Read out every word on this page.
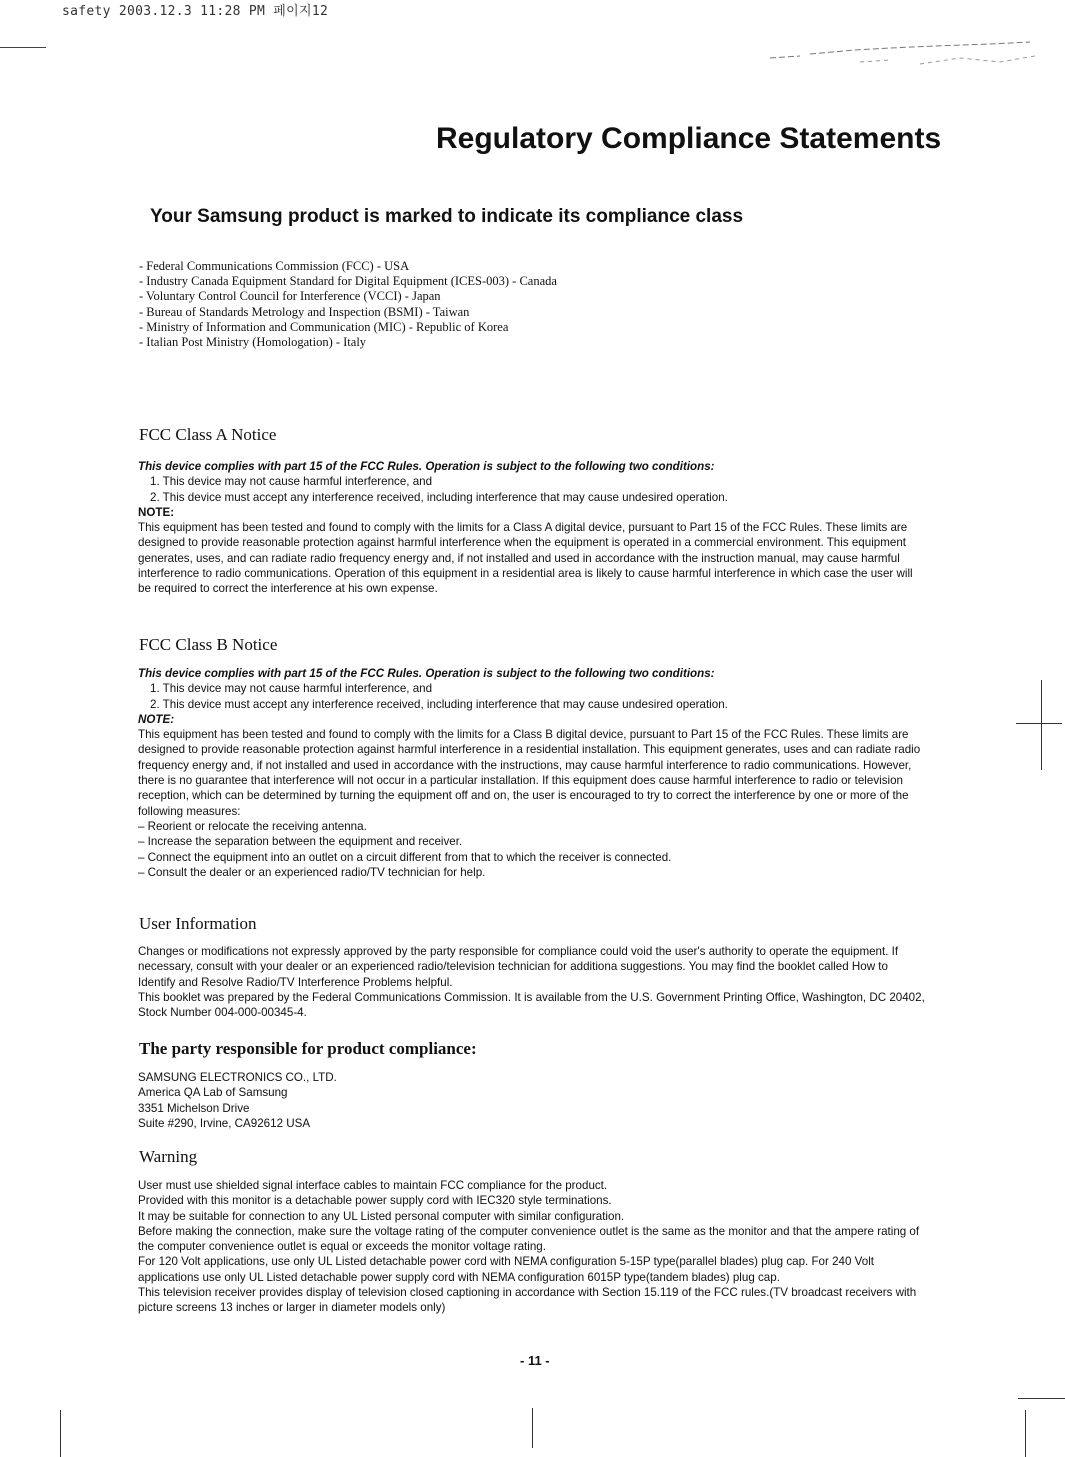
safety 2003.12.3 11:28 PM 페이지12
Regulatory Compliance Statements
Your Samsung product is marked to indicate its compliance class
- Federal Communications Commission (FCC) - USA
- Industry Canada Equipment Standard for Digital Equipment (ICES-003) - Canada
- Voluntary Control Council for Interference (VCCI) - Japan
- Bureau of Standards Metrology and Inspection (BSMI) - Taiwan
- Ministry of Information and Communication (MIC) - Republic of Korea
- Italian Post Ministry (Homologation) - Italy
FCC Class A Notice

This device complies with part 15 of the FCC Rules. Operation is subject to the following two conditions:

1. This device may not cause harmful interference, and

2. This device must accept any interference received, including interference that may cause undesired operation.

NOTE:

This equipment has been tested and found to comply with the limits for a Class A digital device, pursuant to Part 15 of the FCC Rules. These limits are designed to provide reasonable protection against harmful interference when the equipment is operated in a commercial environment. This equipment generates, uses, and can radiate radio frequency energy and, if not installed and used in accordance with the instruction manual, may cause harmful interference to radio communications. Operation of this equipment in a residential area is likely to cause harmful interference in which case the user will be required to correct the interference at his own expense.

FCC Class B Notice

This device complies with part 15 of the FCC Rules. Operation is subject to the following two conditions:

1. This device may not cause harmful interference, and

2. This device must accept any interference received, including interference that may cause undesired operation.

NOTE:

This equipment has been tested and found to comply with the limits for a Class B digital device, pursuant to Part 15 of the FCC Rules. These limits are designed to provide reasonable protection against harmful interference in a residential installation. This equipment generates, uses and can radiate radio frequency energy and, if not installed and used in accordance with the instructions, may cause harmful interference to radio communications. However, there is no guarantee that interference will not occur in a particular installation. If this equipment does cause harmful interference to radio or television reception, which can be determined by turning the equipment off and on, the user is encouraged to try to correct the interference by one or more of the following measures:

– Reorient or relocate the receiving antenna.

– Increase the separation between the equipment and receiver.

– Connect the equipment into an outlet on a circuit different from that to which the receiver is connected.

– Consult the dealer or an experienced radio/TV technician for help.

User Information

Changes or modifications not expressly approved by the party responsible for compliance could void the user's authority to operate the equipment. If necessary, consult with your dealer or an experienced radio/television technician for additiona suggestions. You may find the booklet called How to Identify and Resolve Radio/TV Interference Problems helpful.

This booklet was prepared by the Federal Communications Commission. It is available from the U.S. Government Printing Office, Washington, DC 20402, Stock Number 004-000-00345-4.

The party responsible for product compliance:

SAMSUNG ELECTRONICS CO., LTD.

America QA Lab of Samsung

3351 Michelson Drive

Suite #290, Irvine, CA92612 USA

Warning

User must use shielded signal interface cables to maintain FCC compliance for the product.

Provided with this monitor is a detachable power supply cord with IEC320 style terminations.

It may be suitable for connection to any UL Listed personal computer with similar configuration.

Before making the connection, make sure the voltage rating of the computer convenience outlet is the same as the monitor and that the ampere rating of the computer convenience outlet is equal or exceeds the monitor voltage rating.

For 120 Volt applications, use only UL Listed detachable power cord with NEMA configuration 5-15P type(parallel blades) plug cap. For 240 Volt applications use only UL Listed detachable power supply cord with NEMA configuration 6015P type(tandem blades) plug cap.

This television receiver provides display of television closed captioning in accordance with Section 15.119 of the FCC rules.(TV broadcast receivers with picture screens 13 inches or larger in diameter models only)

- 11 -
